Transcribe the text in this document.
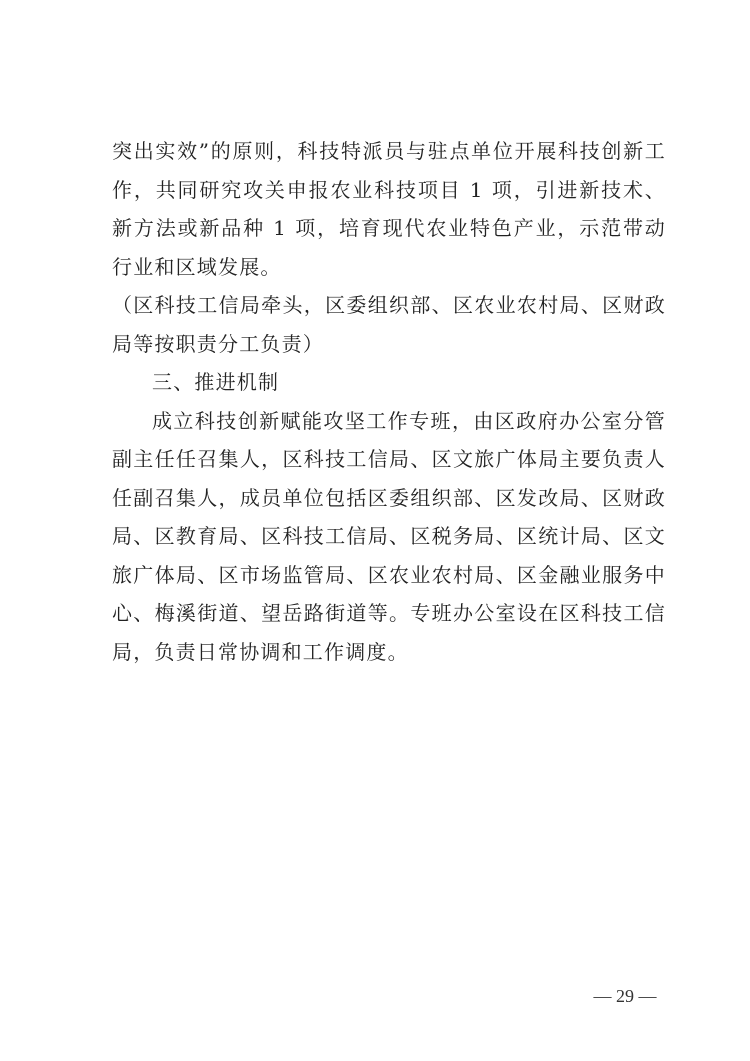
突出实效”的原则，科技特派员与驻点单位开展科技创新工作，共同研究攻关申报农业科技项目 1 项，引进新技术、新方法或新品种 1 项，培育现代农业特色产业，示范带动行业和区域发展。

（区科技工信局牵头，区委组织部、区农业农村局、区财政局等按职责分工负责）

三、推进机制

成立科技创新赋能攻坚工作专班，由区政府办公室分管副主任任召集人，区科技工信局、区文旅广体局主要负责人任副召集人，成员单位包括区委组织部、区发改局、区财政局、区教育局、区科技工信局、区税务局、区统计局、区文旅广体局、区市场监管局、区农业农村局、区金融业服务中心、梅溪街道、望岳路街道等。专班办公室设在区科技工信局，负责日常协调和工作调度。

— 29 —
